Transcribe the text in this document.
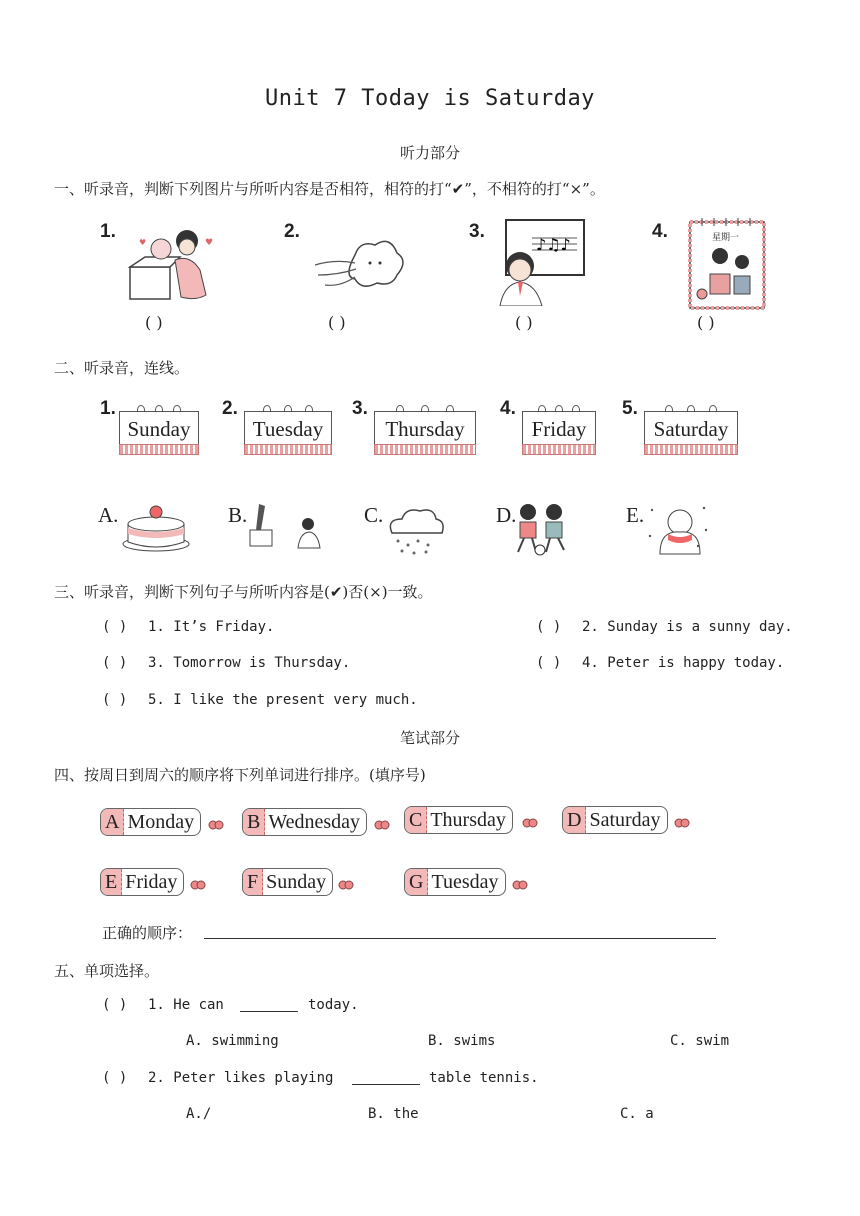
Unit 7 Today is Saturday
听力部分
一、听录音，判断下列图片与所听内容是否相符，相符的打“✔”，不相符的打“×”。
1.	2.	3.	4.
♥
♥	♪♫♪	星期一
( )	( )	( )	( )
二、听录音，连线。
1.
Sunday
2.
Tuesday
3.
Thursday
4.
Friday
5.
Saturday
A.	B.	C.	D.	E.
三、听录音，判断下列句子与所听内容是(✔)否(×)一致。
( ) 1. It’s Friday.	( ) 2. Sunday is a sunny day.
( ) 3. Tomorrow is Thursday.	( ) 4. Peter is happy today.
( ) 5. I like the present very much.
笔试部分
四、按周日到周六的顺序将下列单词进行排序。(填序号)
A Monday	B Wednesday	C Thursday	D Saturday
E Friday	F Sunday	G Tuesday
正确的顺序：
五、单项选择。
( ) 1. He can	today.
A. swimming	B. swims	C. swim
( ) 2. Peter likes playing	table tennis.
A./	B. the	C. a
